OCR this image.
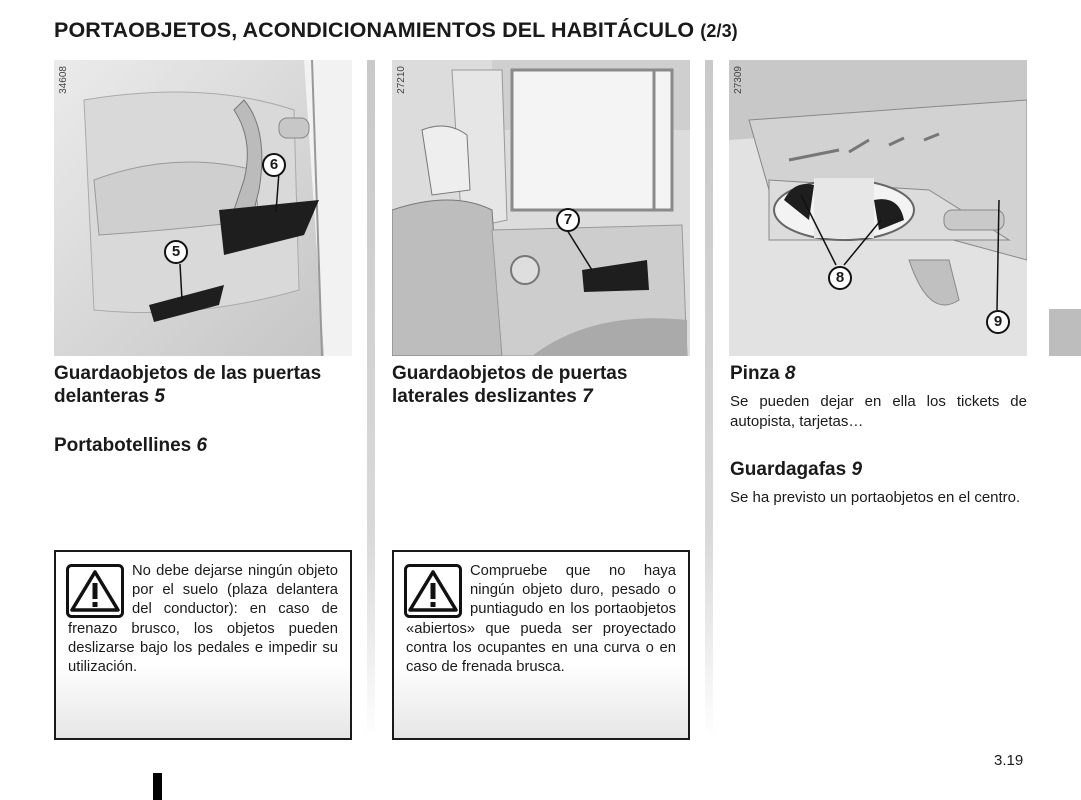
PORTAOBJETOS, ACONDICIONAMIENTOS DEL HABITÁCULO (2/3)
34608
6
5
27210
7
27309
8
9
Guardaobjetos de las puertas delanteras 5
Portabotellines 6
No debe dejarse ningún objeto por el suelo (plaza delantera del conductor): en caso de frenazo brusco, los objetos pueden deslizarse bajo los pedales e impedir su utilización.
Guardaobjetos de puertas laterales deslizantes 7
Compruebe que no haya ningún objeto duro, pesado o puntiagudo en los portaobjetos «abiertos» que pueda ser proyectado contra los ocupantes en una curva o en caso de frenada brusca.
Pinza 8
Se pueden dejar en ella los tickets de autopista, tarjetas…
Guardagafas 9
Se ha previsto un portaobjetos en el centro.
3.19
